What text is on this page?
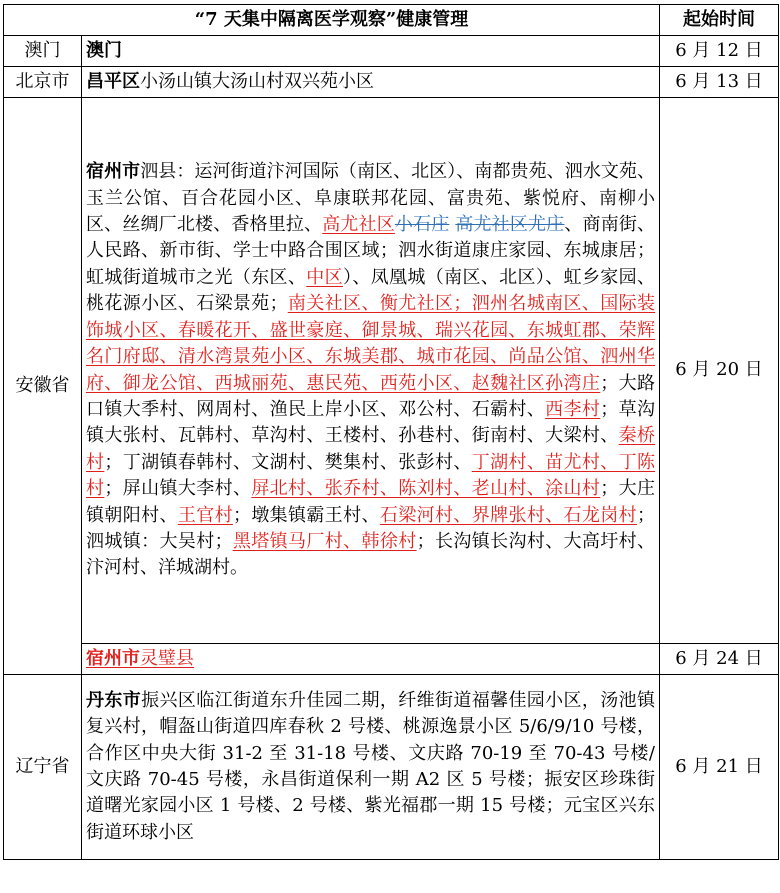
“7 天集中隔离医学观察”健康管理		起始时间
澳门	澳门	6 月 12 日
北京市	昌平区小汤山镇大汤山村双兴苑小区	6 月 13 日
安徽省	宿州市泗县：运河街道汴河国际（南区、北区）、南都贵苑、泗水文苑、玉兰公馆、百合花园小区、阜康联邦花园、富贵苑、紫悦府、南柳小区、丝绸厂北楼、香格里拉、高尤社区小石庄 高尤社区尤庄、商南街、人民路、新市街、学士中路合围区域；泗水街道康庄家园、东城康居；虹城街道城市之光（东区、中区）、凤凰城（南区、北区）、虹乡家园、桃花源小区、石梁景苑；南关社区、衡尤社区；泗州名城南区、国际装饰城小区、春暖花开、盛世豪庭、御景城、瑞兴花园、东城虹郡、荣辉名门府邸、清水湾景苑小区、东城美郡、城市花园、尚品公馆、泗州华府、御龙公馆、西城丽苑、惠民苑、西苑小区、赵魏社区孙湾庄；大路口镇大季村、网周村、渔民上岸小区、邓公村、石霸村、西李村；草沟镇大张村、瓦韩村、草沟村、王楼村、孙巷村、街南村、大梁村、秦桥村；丁湖镇春韩村、文湖村、樊集村、张彭村、丁湖村、苗尤村、丁陈村；屏山镇大李村、屏北村、张乔村、陈刘村、老山村、涂山村；大庄镇朝阳村、王官村；墩集镇霸王村、石梁河村、界牌张村、石龙岗村；泗城镇：大吴村；黑塔镇马厂村、韩徐村；长沟镇长沟村、大高圩村、汴河村、洋城湖村。	6 月 20 日
	宿州市灵璧县	6 月 24 日
辽宁省	丹东市振兴区临江街道东升佳园二期，纤维街道福馨佳园小区，汤池镇复兴村，帽盔山街道四库春秋 2 号楼、桃源逸景小区 5/6/9/10 号楼，合作区中央大街 31-2 至 31-18 号楼、文庆路 70-19 至 70-43 号楼/文庆路 70-45 号楼，永昌街道保利一期 A2 区 5 号楼；振安区珍珠街道曙光家园小区 1 号楼、2 号楼、紫光福郡一期 15 号楼；元宝区兴东街道环球小区	6 月 21 日
